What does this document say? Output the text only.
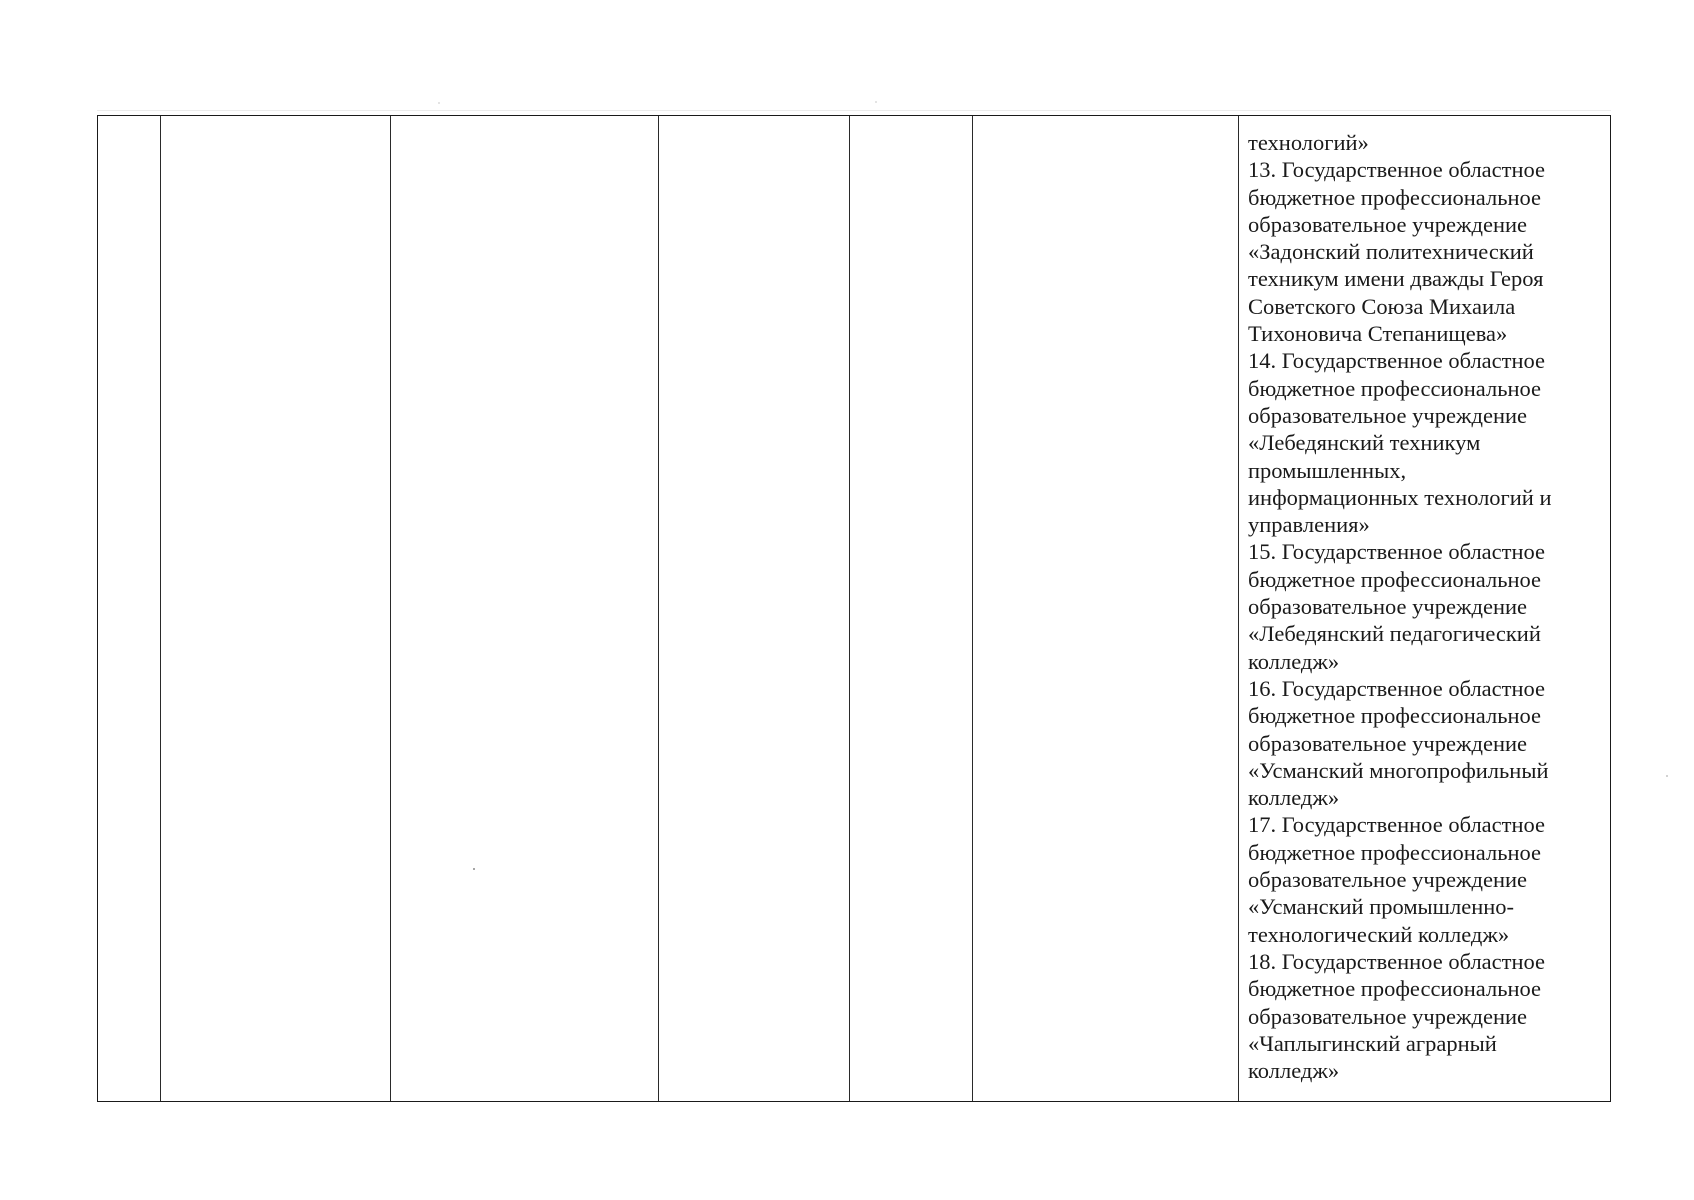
технологий»
13. Государственное областное
бюджетное профессиональное
образовательное учреждение
«Задонский политехнический
техникум имени дважды Героя
Советского Союза Михаила
Тихоновича Степанищева»
14. Государственное областное
бюджетное профессиональное
образовательное учреждение
«Лебедянский техникум
промышленных,
информационных технологий и
управления»
15. Государственное областное
бюджетное профессиональное
образовательное учреждение
«Лебедянский педагогический
колледж»
16. Государственное областное
бюджетное профессиональное
образовательное учреждение
«Усманский многопрофильный
колледж»
17. Государственное областное
бюджетное профессиональное
образовательное учреждение
«Усманский промышленно-
технологический колледж»
18. Государственное областное
бюджетное профессиональное
образовательное учреждение
«Чаплыгинский аграрный
колледж»
